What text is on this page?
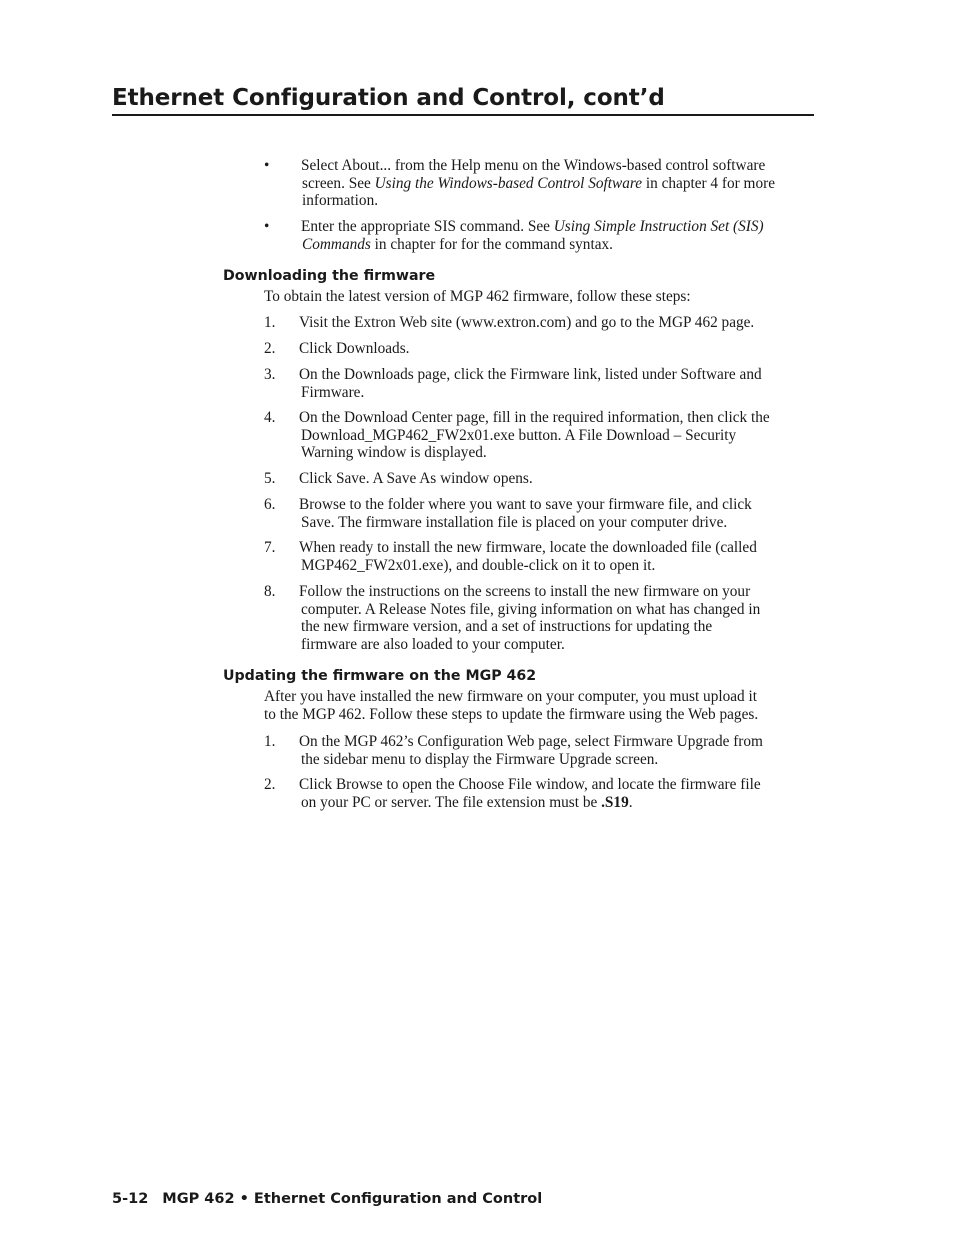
Ethernet Configuration and Control, cont’d
• Select About... from the Help menu on the Windows-based control software
screen. See Using the Windows-based Control Software in chapter 4 for more
information.
• Enter the appropriate SIS command. See Using Simple Instruction Set (SIS)
Commands in chapter for for the command syntax.
Downloading the firmware
To obtain the latest version of MGP 462 firmware, follow these steps:
1. Visit the Extron Web site (www.extron.com) and go to the MGP 462 page.
2. Click Downloads.
3. On the Downloads page, click the Firmware link, listed under Software and
Firmware.
4. On the Download Center page, fill in the required information, then click the
Download_MGP462_FW2x01.exe button. A File Download – Security
Warning window is displayed.
5. Click Save. A Save As window opens.
6. Browse to the folder where you want to save your firmware file, and click
Save. The firmware installation file is placed on your computer drive.
7. When ready to install the new firmware, locate the downloaded file (called
MGP462_FW2x01.exe), and double-click on it to open it.
8. Follow the instructions on the screens to install the new firmware on your
computer. A Release Notes file, giving information on what has changed in
the new firmware version, and a set of instructions for updating the
firmware are also loaded to your computer.
Updating the firmware on the MGP 462
After you have installed the new firmware on your computer, you must upload it
to the MGP 462. Follow these steps to update the firmware using the Web pages.
1. On the MGP 462’s Configuration Web page, select Firmware Upgrade from
the sidebar menu to display the Firmware Upgrade screen.
2. Click Browse to open the Choose File window, and locate the firmware file
on your PC or server. The file extension must be .S19.
5-12 MGP 462 • Ethernet Configuration and Control
